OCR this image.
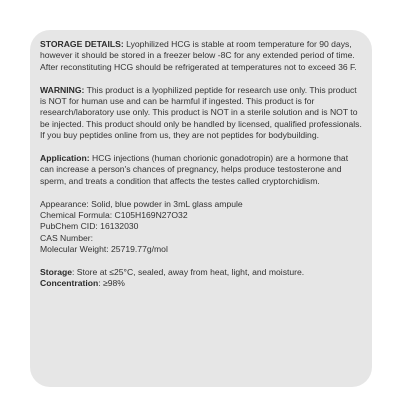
STORAGE DETAILS: Lyophilized HCG is stable at room temperature for 90 days, however it should be stored in a freezer below -8C for any extended period of time. After reconstituting HCG should be refrigerated at temperatures not to exceed 36 F.

WARNING: This product is a lyophilized peptide for research use only. This product is NOT for human use and can be harmful if ingested. This product is for research/laboratory use only. This product is NOT in a sterile solution and is NOT to be injected. This product should only be handled by licensed, qualified professionals. If you buy peptides online from us, they are not peptides for bodybuilding.

Application: HCG injections (human chorionic gonadotropin) are a hormone that can increase a person's chances of pregnancy, helps produce testosterone and sperm, and treats a condition that affects the testes called cryptorchidism.

Appearance: Solid, blue powder in 3mL glass ampule
Chemical Formula: C105H169N27O32
PubChem CID: 16132030
CAS Number:
Molecular Weight: 25719.77g/mol

Storage: Store at ≤25°C, sealed, away from heat, light, and moisture.

Concentration: ≥98%
